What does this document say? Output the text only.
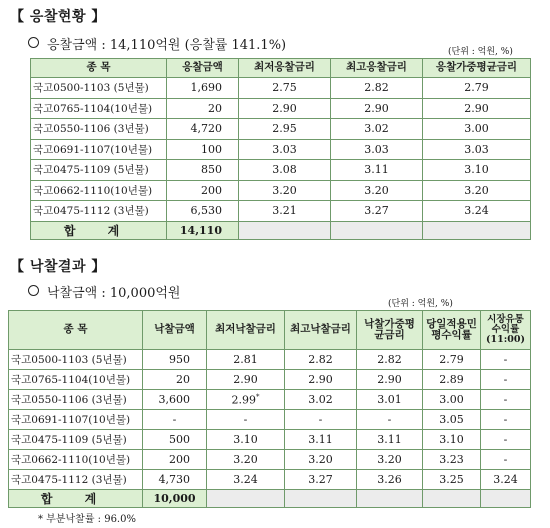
【 응찰현황 】
응찰금액 : 14,110억원 (응찰률 141.1%)	(단위 : 억원, %)
종 목	응찰금액	최저응찰금리	최고응찰금리	응찰가중평균금리
국고0500-1103 (5년물)	1,690	2.75	2.82	2.79
국고0765-1104(10년물)	20	2.90	2.90	2.90
국고0550-1106 (3년물)	4,720	2.95	3.02	3.00
국고0691-1107(10년물)	100	3.03	3.03	3.03
국고0475-1109 (5년물)	850	3.08	3.11	3.10
국고0662-1110(10년물)	200	3.20	3.20	3.20
국고0475-1112 (3년물)	6,530	3.21	3.27	3.24
합 계	14,110			
【 낙찰결과 】
낙찰금액 : 10,000억원
(단위 : 억원, %)
종 목	낙찰금액	최저낙찰금리	최고낙찰금리	낙찰가중평균금리	당일적용민평수익률	시장유통수익률(11:00)
국고0500-1103 (5년물)	950	2.81	2.82	2.82	2.79	-
국고0765-1104(10년물)	20	2.90	2.90	2.90	2.89	-
국고0550-1106 (3년물)	3,600	2.99*	3.02	3.01	3.00	-
국고0691-1107(10년물)	-	-	-	-	3.05	-
국고0475-1109 (5년물)	500	3.10	3.11	3.11	3.10	-
국고0662-1110(10년물)	200	3.20	3.20	3.20	3.23	-
국고0475-1112 (3년물)	4,730	3.24	3.27	3.26	3.25	3.24
합 계	10,000					
* 부분낙찰률 : 96.0%
